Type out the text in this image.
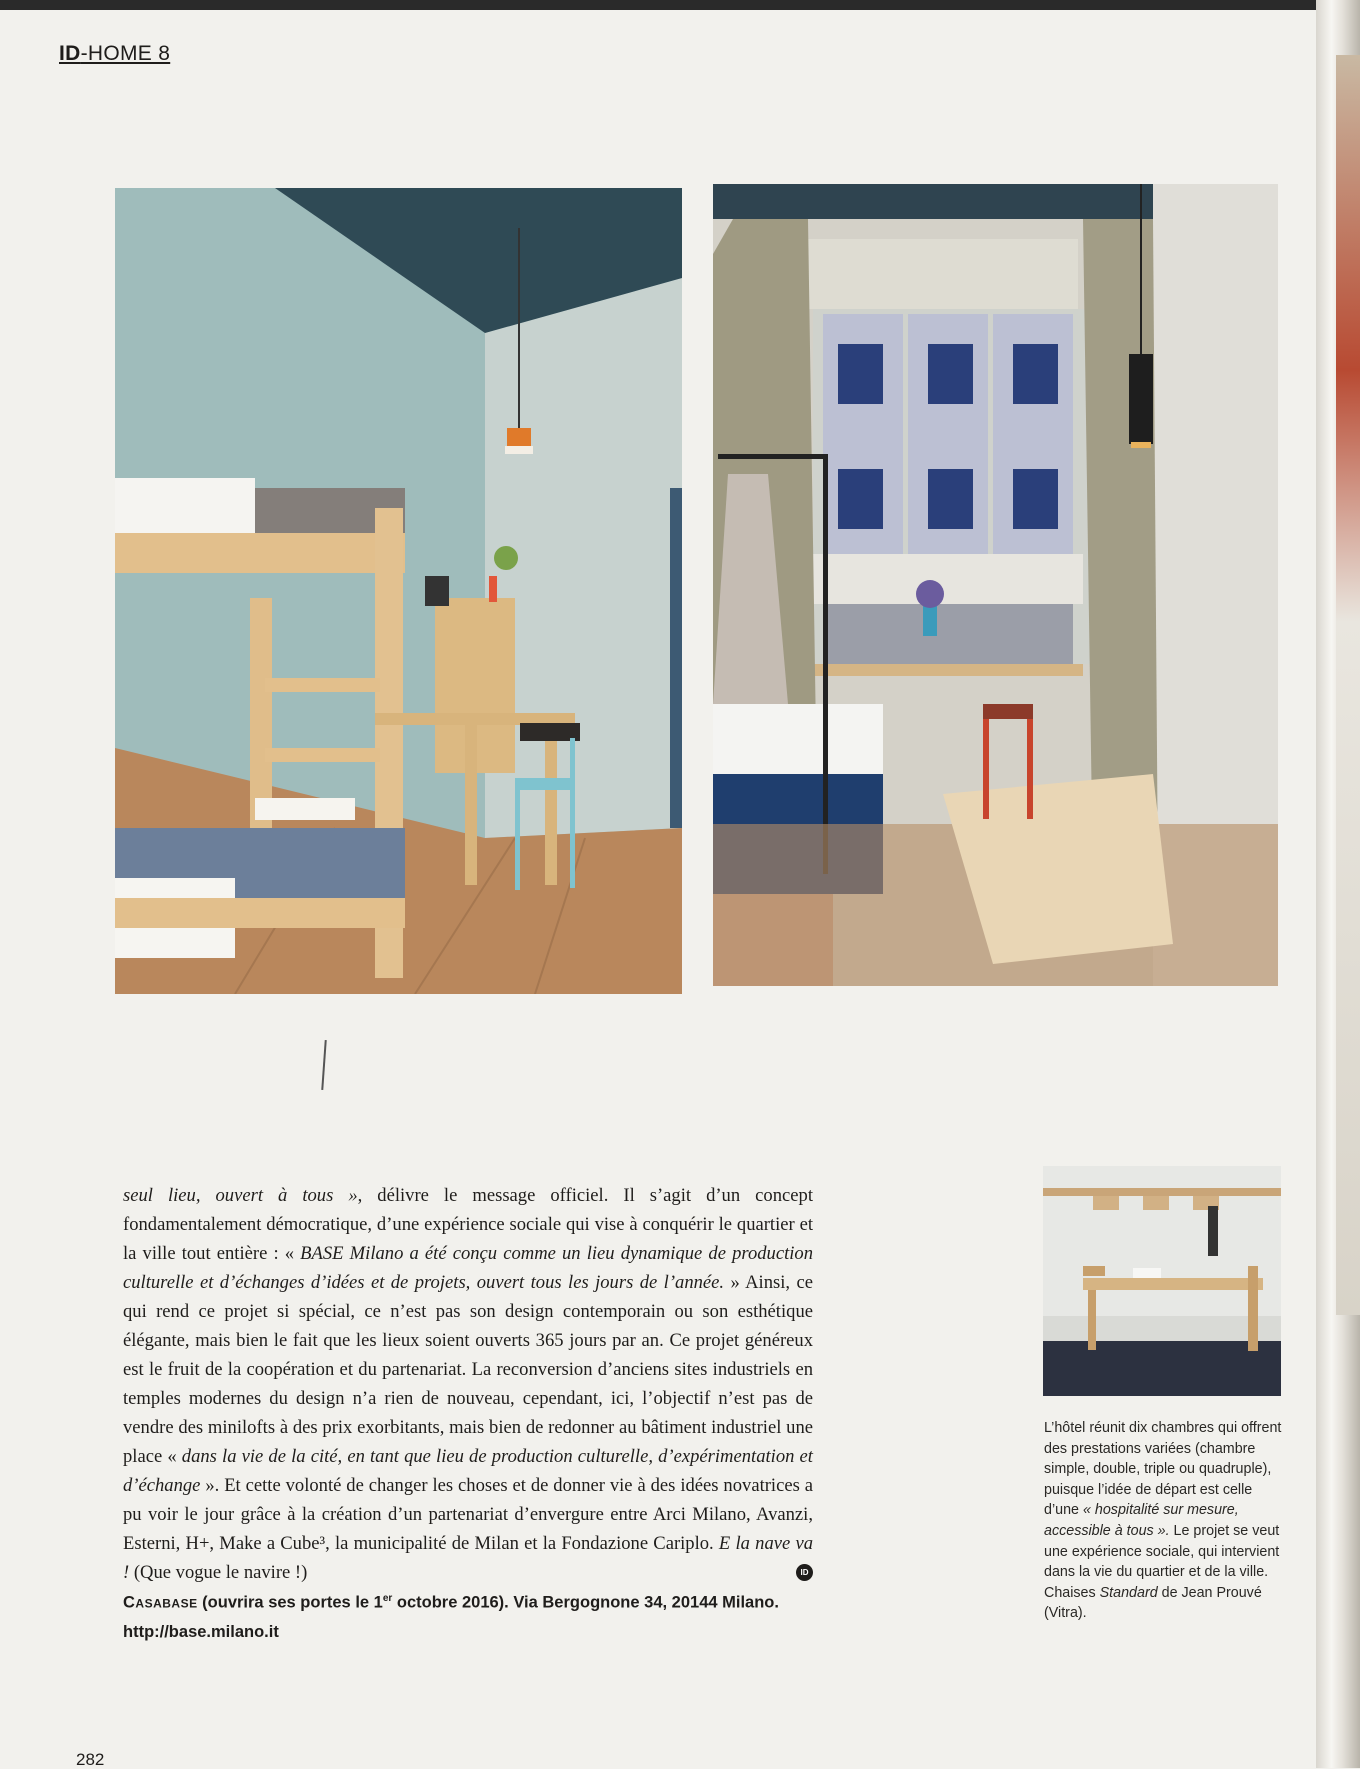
ID-HOME 8

seul lieu, ouvert à tous », délivre le message officiel. Il s’agit d’un concept fondamentalement démocratique, d’une expérience sociale qui vise à conquérir le quartier et la ville tout entière : « BASE Milano a été conçu comme un lieu dynamique de production culturelle et d’échanges d’idées et de projets, ouvert tous les jours de l’année. » Ainsi, ce qui rend ce projet si spécial, ce n’est pas son design contemporain ou son esthétique élégante, mais bien le fait que les lieux soient ouverts 365 jours par an. Ce projet généreux est le fruit de la coopération et du partenariat. La reconversion d’anciens sites industriels en temples modernes du design n’a rien de nouveau, cependant, ici, l’objectif n’est pas de vendre des minilofts à des prix exorbitants, mais bien de redonner au bâtiment industriel une place « dans la vie de la cité, en tant que lieu de production culturelle, d’expérimentation et d’échange ». Et cette volonté de changer les choses et de donner vie à des idées novatrices a pu voir le jour grâce à la création d’un partenariat d’envergure entre Arci Milano, Avanzi, Esterni, H+, Make a Cube³, la municipalité de Milan et la Fondazione Cariplo. E la nave va ! (Que vogue le navire !)	ID

Casabase (ouvrira ses portes le 1er octobre 2016). Via Bergognone 34, 20144 Milano.
http://base.milano.it
L’hôtel réunit dix chambres qui offrent des prestations variées (chambre simple, double, triple ou quadruple), puisque l’idée de départ est celle d’une « hospitalité sur mesure, accessible à tous ». Le projet se veut une expérience sociale, qui intervient dans la vie du quartier et de la ville. Chaises Standard de Jean Prouvé (Vitra).
282
